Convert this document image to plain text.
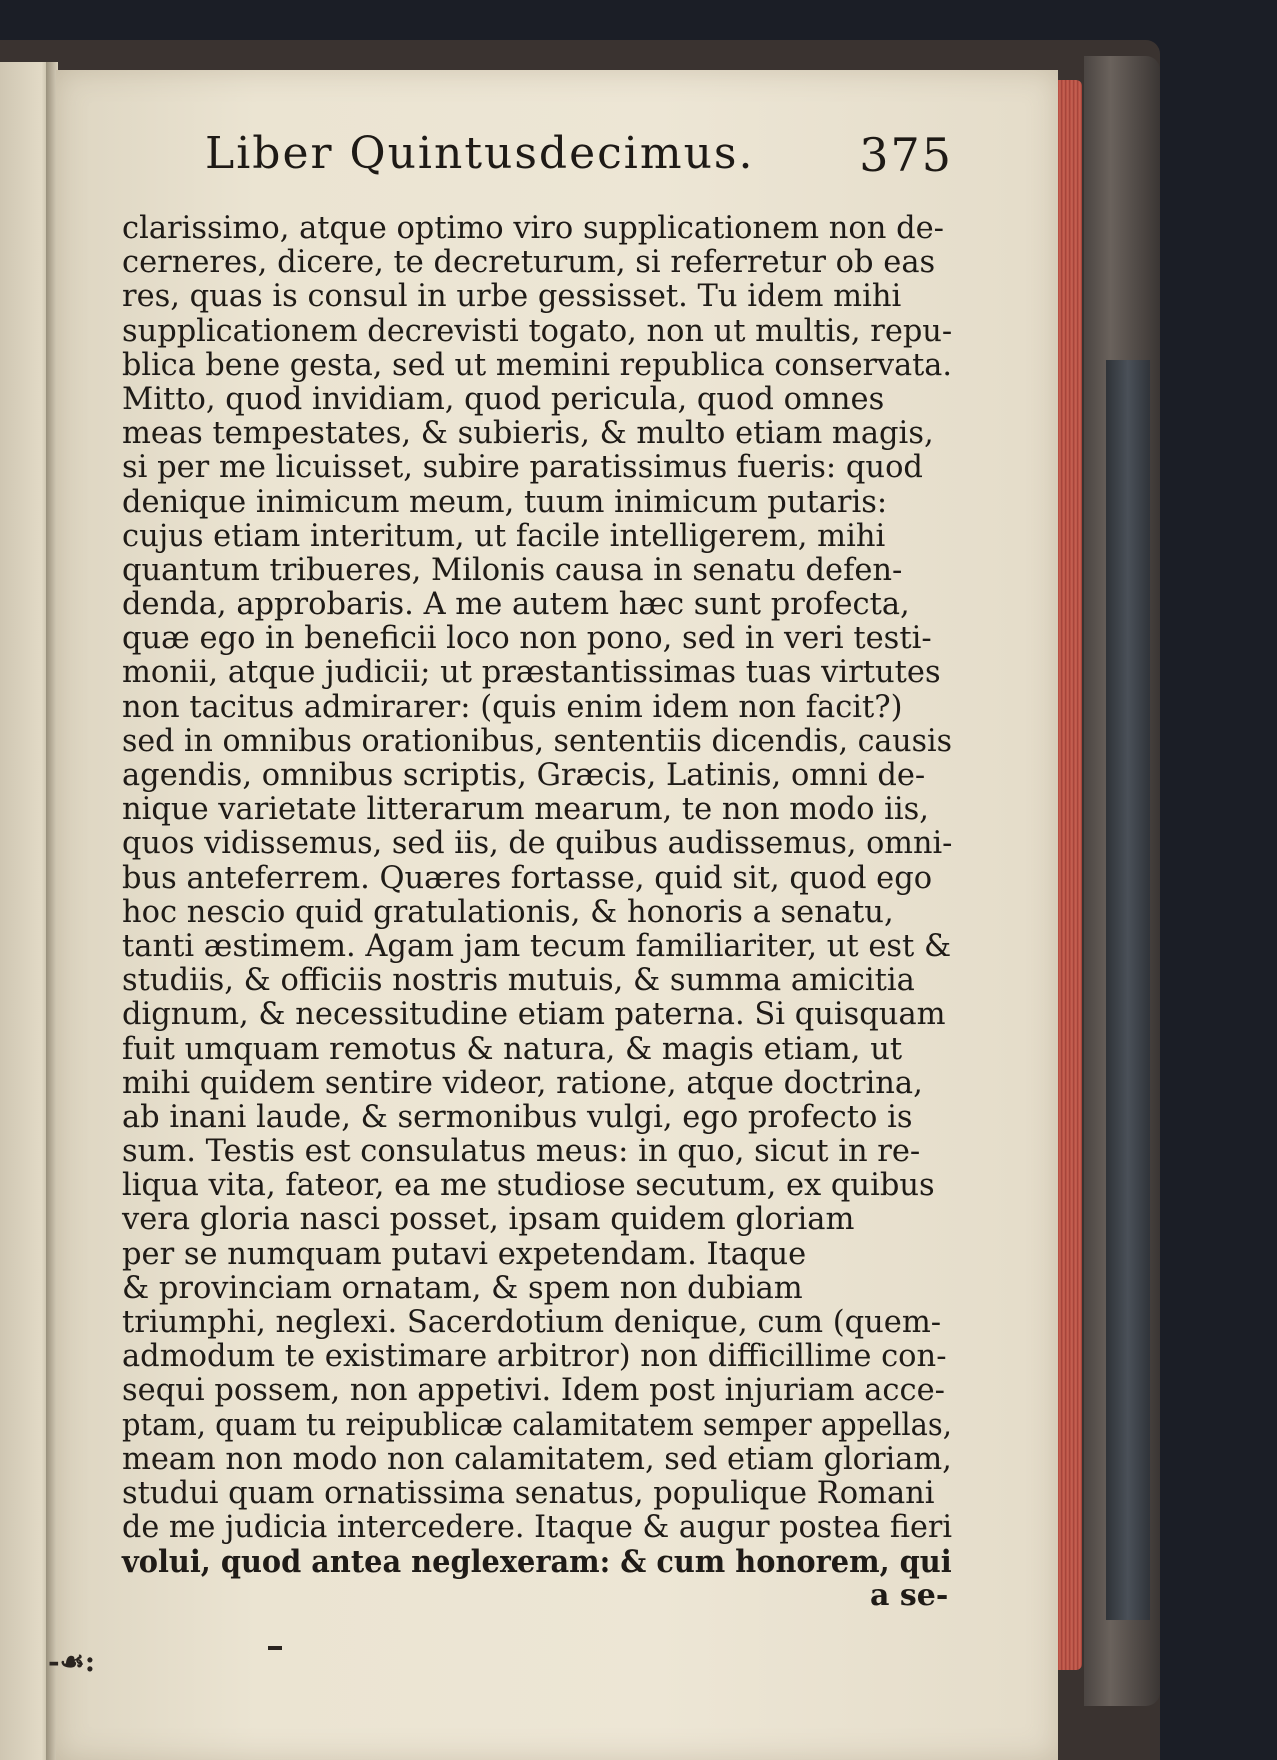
Liber Quintusdecimus. 375
clarissimo, atque optimo viro supplicationem non de-
cerneres, dicere, te decreturum, si referretur ob eas
res, quas is consul in urbe gessisset. Tu idem mihi
supplicationem decrevisti togato, non ut multis, repu-
blica bene gesta, sed ut memini republica conservata.
Mitto, quod invidiam, quod pericula, quod omnes
meas tempestates, & subieris, & multo etiam magis,
si per me licuisset, subire paratissimus fueris: quod
denique inimicum meum, tuum inimicum putaris:
cujus etiam interitum, ut facile intelligerem, mihi
quantum tribueres, Milonis causa in senatu defen-
denda, approbaris. A me autem hæc sunt profecta,
quæ ego in beneficii loco non pono, sed in veri testi-
monii, atque judicii; ut præstantissimas tuas virtutes
non tacitus admirarer: (quis enim idem non facit?)
sed in omnibus orationibus, sententiis dicendis, causis
agendis, omnibus scriptis, Græcis, Latinis, omni de-
nique varietate litterarum mearum, te non modo iis,
quos vidissemus, sed iis, de quibus audissemus, omni-
bus anteferrem. Quæres fortasse, quid sit, quod ego
hoc nescio quid gratulationis, & honoris a senatu,
tanti æstimem. Agam jam tecum familiariter, ut est &
studiis, & officiis nostris mutuis, & summa amicitia
dignum, & necessitudine etiam paterna. Si quisquam
fuit umquam remotus & natura, & magis etiam, ut
mihi quidem sentire videor, ratione, atque doctrina,
ab inani laude, & sermonibus vulgi, ego profecto is
sum. Testis est consulatus meus: in quo, sicut in re-
liqua vita, fateor, ea me studiose secutum, ex quibus
vera gloria nasci posset, ipsam quidem gloriam
per se numquam putavi expetendam. Itaque
& provinciam ornatam, & spem non dubiam
triumphi, neglexi. Sacerdotium denique, cum (quem-
admodum te existimare arbitror) non difficillime con-
sequi possem, non appetivi. Idem post injuriam acce-
ptam, quam tu reipublicæ calamitatem semper appellas,
meam non modo non calamitatem, sed etiam gloriam,
studui quam ornatissima senatus, populique Romani
de me judicia intercedere. Itaque & augur postea fieri
volui, quod antea neglexeram: & cum honorem, qui
a se-
-☙:
